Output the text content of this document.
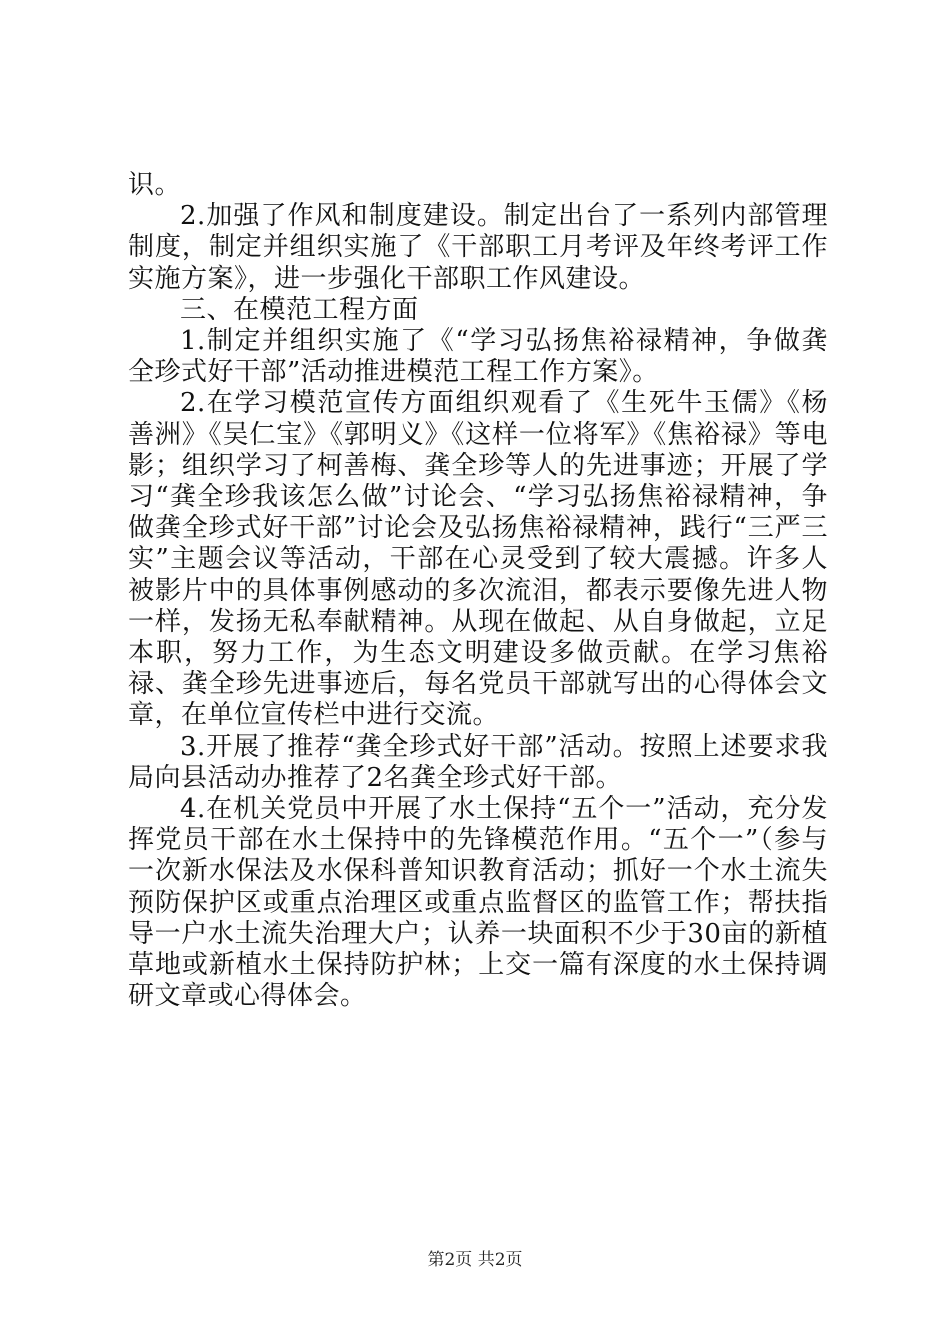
识。

2.加强了作风和制度建设。制定出台了一系列内部管理制度，制定并组织实施了《干部职工月考评及年终考评工作实施方案》，进一步强化干部职工作风建设。

三、在模范工程方面

1.制定并组织实施了《“学习弘扬焦裕禄精神，争做龚全珍式好干部”活动推进模范工程工作方案》。

2.在学习模范宣传方面组织观看了《生死牛玉儒》《杨善洲》《吴仁宝》《郭明义》《这样一位将军》《焦裕禄》等电影；组织学习了柯善梅、龚全珍等人的先进事迹；开展了学习“龚全珍我该怎么做”讨论会、“学习弘扬焦裕禄精神，争做龚全珍式好干部”讨论会及弘扬焦裕禄精神，践行“三严三实”主题会议等活动，干部在心灵受到了较大震撼。许多人被影片中的具体事例感动的多次流泪，都表示要像先进人物一样，发扬无私奉献精神。从现在做起、从自身做起，立足本职，努力工作，为生态文明建设多做贡献。在学习焦裕禄、龚全珍先进事迹后，每名党员干部就写出的心得体会文章，在单位宣传栏中进行交流。

3.开展了推荐“龚全珍式好干部”活动。按照上述要求我局向县活动办推荐了2名龚全珍式好干部。

4.在机关党员中开展了水土保持“五个一”活动，充分发挥党员干部在水土保持中的先锋模范作用。“五个一”（参与一次新水保法及水保科普知识教育活动；抓好一个水土流失预防保护区或重点治理区或重点监督区的监管工作；帮扶指导一户水土流失治理大户；认养一块面积不少于30亩的新植草地或新植水土保持防护林；上交一篇有深度的水土保持调研文章或心得体会。

第2页 共2页
